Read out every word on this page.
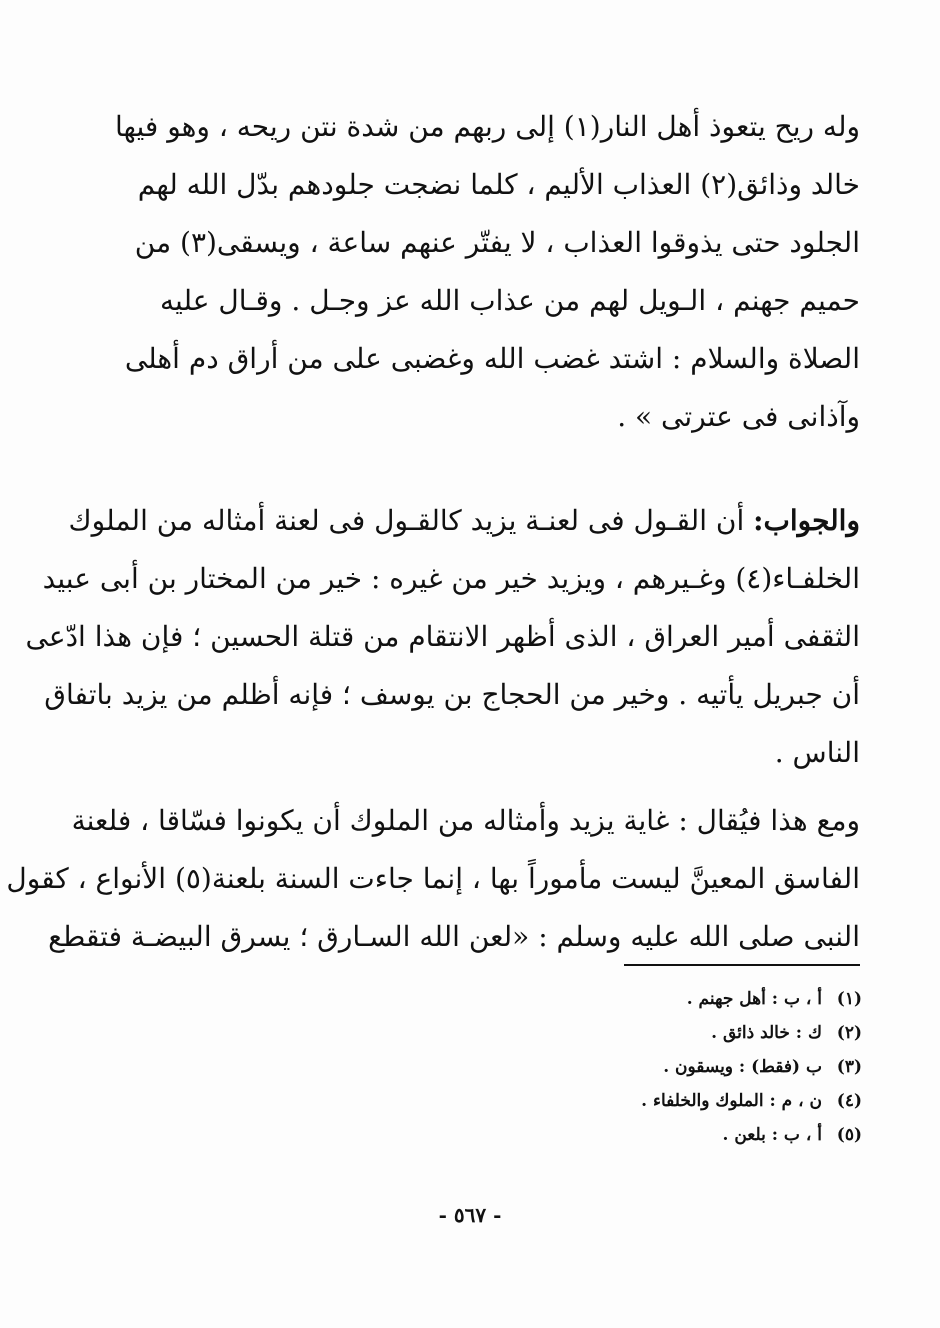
وله ريح يتعوذ أهل النار(١) إلى ربهم من شدة نتن ريحه ، وهو فيها
خالد وذائق(٢) العذاب الأليم ، كلما نضجت جلودهم بدّل الله لهم
الجلود حتى يذوقوا العذاب ، لا يفتّر عنهم ساعة ، ويسقى(٣) من
حميم جهنم ، الـويل لهم من عذاب الله عز وجـل . وقـال عليه
الصلاة والسلام : اشتد غضب الله وغضبى على من أراق دم أهلى
وآذانى فى عترتى » .
والجواب: أن القـول فى لعنـة يزيد كالقـول فى لعنة أمثاله من الملوك
الخلفـاء(٤) وغـيرهم ، ويزيد خير من غيره : خير من المختار بن أبى عبيد
الثقفى أمير العراق ، الذى أظهر الانتقام من قتلة الحسين ؛ فإن هذا ادّعى
أن جبريل يأتيه . وخير من الحجاج بن يوسف ؛ فإنه أظلم من يزيد باتفاق
الناس .
ومع هذا فيُقال : غاية يزيد وأمثاله من الملوك أن يكونوا فسّاقا ، فلعنة
الفاسق المعينَّ ليست مأموراً بها ، إنما جاءت السنة بلعنة(٥) الأنواع ، كقول
النبى صلى الله عليه وسلم : «لعن الله السـارق ؛ يسرق البيضـة فتقطع
(١)أ ، ب : أهل جهنم .
(٢)ك : خالد ذائق .
(٣)ب (فقط) : ويسقون .
(٤)ن ، م : الملوك والخلفاء .
(٥)أ ، ب : بلعن .
- ٥٦٧ -
